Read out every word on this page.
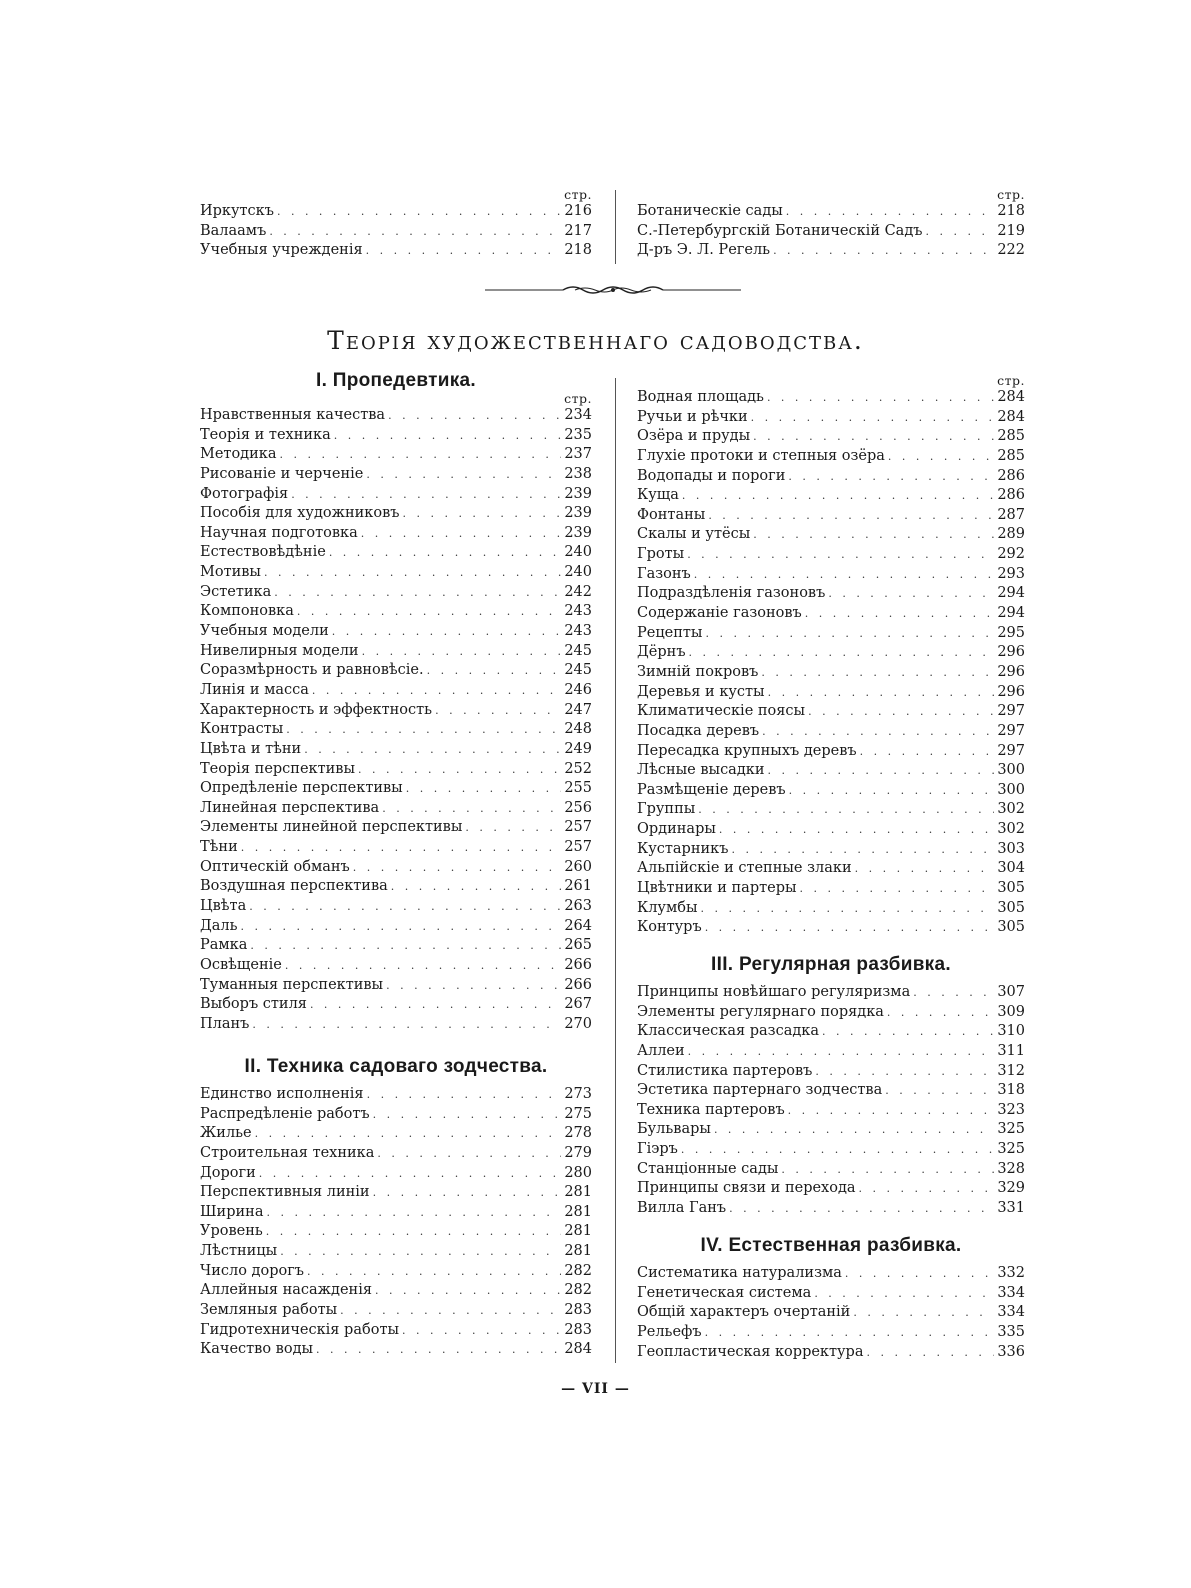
стр.
Иркутскъ . . .	216
Валаамъ . . .	217
Учебныя учрежденія . . .	218
стр.
Ботаническіе сады . . .	218
С.-Петербургскій Ботаническій Садъ . . .	219
Д-ръ Э. Л. Регель . . .	222
Теорія художественнаго садоводства.
I. Пропедевтика.
стр.
Нравственныя качества . . .	234
Теорія и техника . . .	235
Методика . . .	237
Рисованіе и черченіе . . .	238
Фотографія . . .	239
Пособія для художниковъ . . .	239
Научная подготовка . . .	239
Естествовѣдѣніе . . .	240
Мотивы . . .	240
Эстетика . . .	242
Компоновка . . .	243
Учебныя модели . . .	243
Нивелирныя модели . . .	245
Соразмѣрность и равновѣсіе. . . .	245
Линія и масса . . .	246
Характерность и эффектность . . .	247
Контрасты . . .	248
Цвѣта и тѣни . . .	249
Теорія перспективы . . .	252
Опредѣленіе перспективы . . .	255
Линейная перспектива . . .	256
Элементы линейной перспективы . . .	257
Тѣни . . .	257
Оптическій обманъ . . .	260
Воздушная перспектива . . .	261
Цвѣта . . .	263
Даль . . .	264
Рамка . . .	265
Освѣщеніе . . .	266
Туманныя перспективы . . .	266
Выборъ стиля . . .	267
Планъ . . .	270
II. Техника садоваго зодчества.
Единство исполненія . . .	273
Распредѣленіе работъ . . .	275
Жилье . . .	278
Строительная техника . . .	279
Дороги . . .	280
Перспективныя линіи . . .	281
Ширина . . .	281
Уровень . . .	281
Лѣстницы . . .	281
Число дорогъ . . .	282
Аллейныя насажденія . . .	282
Земляныя работы . . .	283
Гидротехническія работы . . .	283
Качество воды . . .	284
стр.
Водная площадь . . .	284
Ручьи и рѣчки . . .	284
Озёра и пруды . . .	285
Глухіе протоки и степныя озёра . . .	285
Водопады и пороги . . .	286
Куща . . .	286
Фонтаны . . .	287
Скалы и утёсы . . .	289
Гроты . . .	292
Газонъ . . .	293
Подраздѣленія газоновъ . . .	294
Содержаніе газоновъ . . .	294
Рецепты . . .	295
Дёрнъ . . .	296
Зимній покровъ . . .	296
Деревья и кусты . . .	296
Климатическіе поясы . . .	297
Посадка деревъ . . .	297
Пересадка крупныхъ деревъ . . .	297
Лѣсные высадки . . .	300
Размѣщеніе деревъ . . .	300
Группы . . .	302
Ординары . . .	302
Кустарникъ . . .	303
Альпійскіе и степные злаки . . .	304
Цвѣтники и партеры . . .	305
Клумбы . . .	305
Контуръ . . .	305
III. Регулярная разбивка.
Принципы новѣйшаго регуляризма . . .	307
Элементы регулярнаго порядка . . .	309
Классическая разсадка . . .	310
Аллеи . . .	311
Стилистика партеровъ . . .	312
Эстетика партернаго зодчества . . .	318
Техника партеровъ . . .	323
Бульвары . . .	325
Гіэръ . . .	325
Станціонные сады . . .	328
Принципы связи и перехода . . .	329
Вилла Ганъ . . .	331
IV. Естественная разбивка.
Систематика натурализма . . .	332
Генетическая система . . .	334
Общій характеръ очертаній . . .	334
Рельефъ . . .	335
Геопластическая корректура . . .	336
— VII —
